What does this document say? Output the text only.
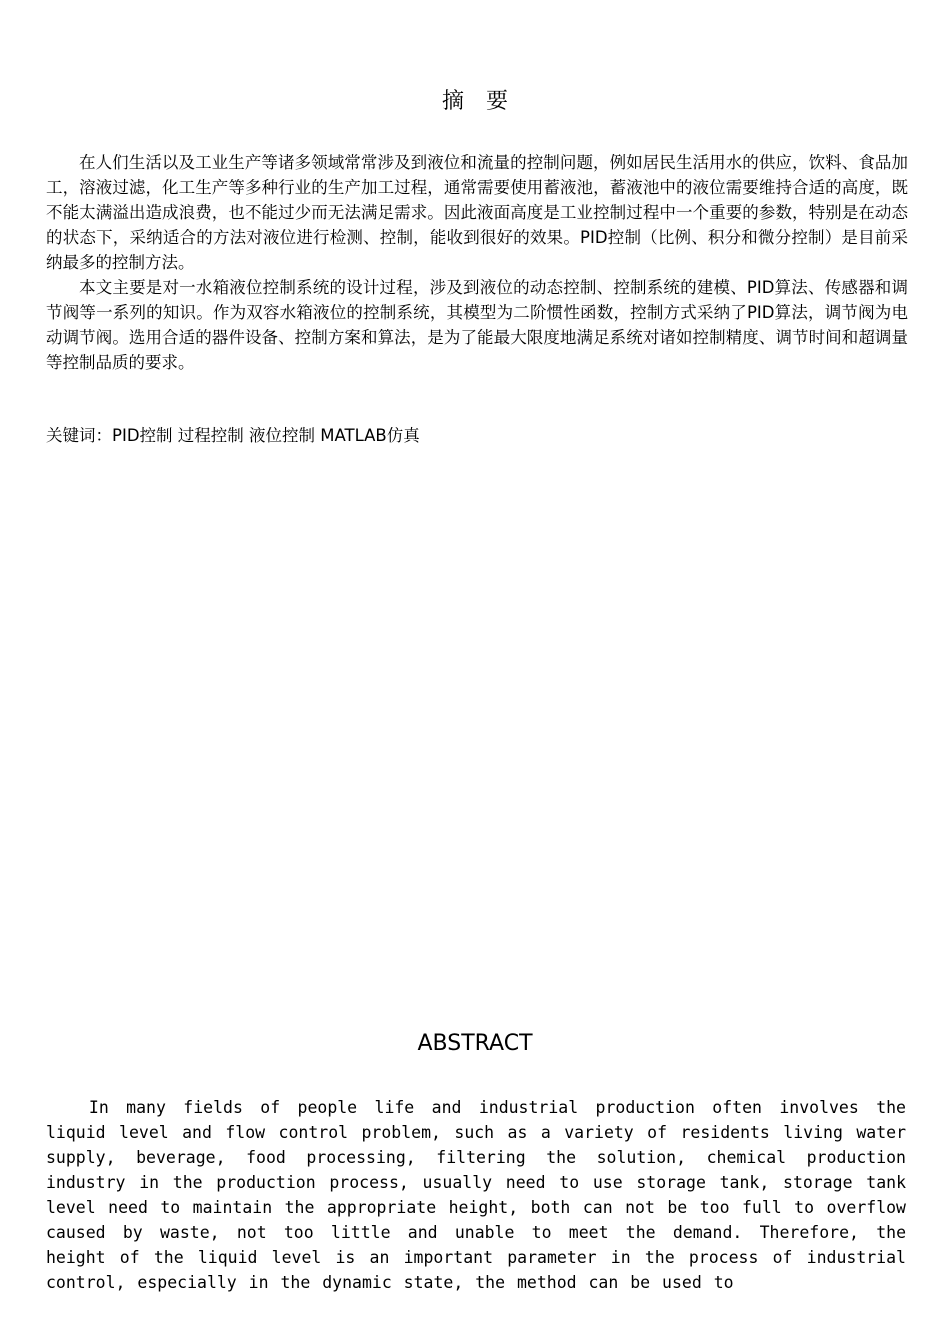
摘要

在人们生活以及工业生产等诸多领域常常涉及到液位和流量的控制问题，例如居民生活用水的供应，饮料、食品加工，溶液过滤，化工生产等多种行业的生产加工过程，通常需要使用蓄液池，蓄液池中的液位需要维持合适的高度，既不能太满溢出造成浪费，也不能过少而无法满足需求。因此液面高度是工业控制过程中一个重要的参数，特别是在动态的状态下，采纳适合的方法对液位进行检测、控制，能收到很好的效果。PID控制（比例、积分和微分控制）是目前采纳最多的控制方法。

本文主要是对一水箱液位控制系统的设计过程，涉及到液位的动态控制、控制系统的建模、PID算法、传感器和调节阀等一系列的知识。作为双容水箱液位的控制系统，其模型为二阶惯性函数，控制方式采纳了PID算法，调节阀为电动调节阀。选用合适的器件设备、控制方案和算法，是为了能最大限度地满足系统对诸如控制精度、调节时间和超调量等控制品质的要求。

关键词：PID控制 过程控制 液位控制 MATLAB仿真
ABSTRACT

In many fields of people life and industrial production often involves the liquid level and flow control problem, such as a variety of residents living water supply, beverage, food processing, filtering the solution, chemical production industry in the production process, usually need to use storage tank, storage tank level need to maintain the appropriate height, both can not be too full to overflow caused by waste, not too little and unable to meet the demand. Therefore, the height of the liquid level is an important parameter in the process of industrial control, especially in the dynamic state, the method can be used to
